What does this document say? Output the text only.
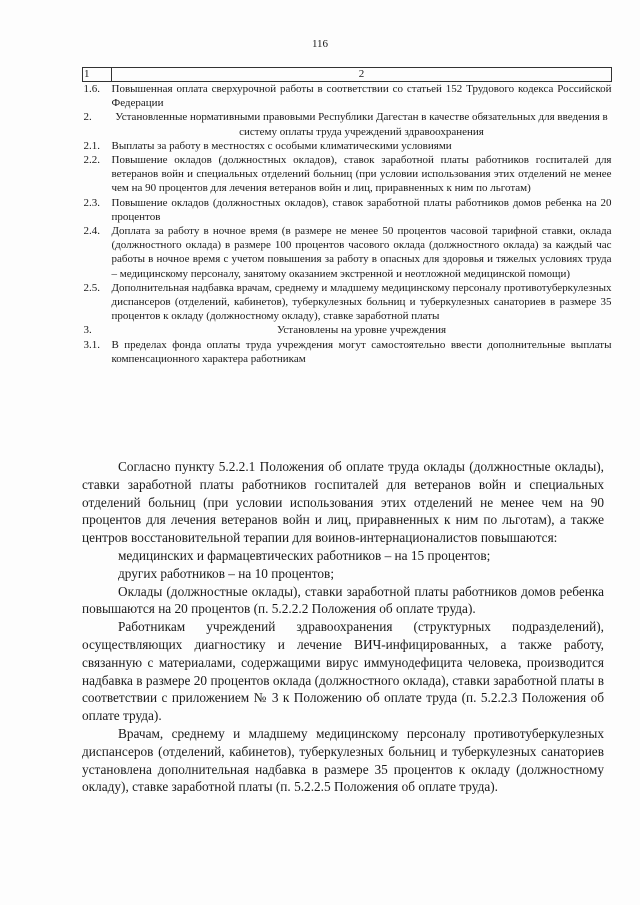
116
1	2
1.6.	Повышенная оплата сверхурочной работы в соответствии со статьей 152 Трудового кодекса Российской Федерации
2.	Установленные нормативными правовыми Республики Дагестан в качестве обязательных для введения в систему оплаты труда учреждений здравоохранения
2.1.	Выплаты за работу в местностях с особыми климатическими условиями
2.2.	Повышение окладов (должностных окладов), ставок заработной платы работников госпиталей для ветеранов войн и специальных отделений больниц (при условии использования этих отделений не менее чем на 90 процентов для лечения ветеранов войн и лиц, приравненных к ним по льготам)
2.3.	Повышение окладов (должностных окладов), ставок заработной платы работников домов ребенка на 20 процентов
2.4.	Доплата за работу в ночное время (в размере не менее 50 процентов часовой тарифной ставки, оклада (должностного оклада) в размере 100 процентов часового оклада (должностного оклада) за каждый час работы в ночное время с учетом повышения за работу в опасных для здоровья и тяжелых условиях труда – медицинскому персоналу, занятому оказанием экстренной и неотложной медицинской помощи)
2.5.	Дополнительная надбавка врачам, среднему и младшему медицинскому персоналу противотуберкулезных диспансеров (отделений, кабинетов), туберкулезных больниц и туберкулезных санаториев в размере 35 процентов к окладу (должностному окладу), ставке заработной платы
3.	Установлены на уровне учреждения
3.1.	В пределах фонда оплаты труда учреждения могут самостоятельно ввести дополнительные выплаты компенсационного характера работникам

Согласно пункту 5.2.2.1 Положения об оплате труда оклады (должностные оклады), ставки заработной платы работников госпиталей для ветеранов войн и специальных отделений больниц (при условии использования этих отделений не менее чем на 90 процентов для лечения ветеранов войн и лиц, приравненных к ним по льготам), а также центров восстановительной терапии для воинов-интернационалистов повышаются:

медицинских и фармацевтических работников – на 15 процентов;

других работников – на 10 процентов;

Оклады (должностные оклады), ставки заработной платы работников домов ребенка повышаются на 20 процентов (п. 5.2.2.2 Положения об оплате труда).

Работникам учреждений здравоохранения (структурных подразделений), осуществляющих диагностику и лечение ВИЧ-инфицированных, а также работу, связанную с материалами, содержащими вирус иммунодефицита человека, производится надбавка в размере 20 процентов оклада (должностного оклада), ставки заработной платы в соответствии с приложением № 3 к Положению об оплате труда (п. 5.2.2.3 Положения об оплате труда).

Врачам, среднему и младшему медицинскому персоналу противотуберкулезных диспансеров (отделений, кабинетов), туберкулезных больниц и туберкулезных санаториев установлена дополнительная надбавка в размере 35 процентов к окладу (должностному окладу), ставке заработной платы (п. 5.2.2.5 Положения об оплате труда).
